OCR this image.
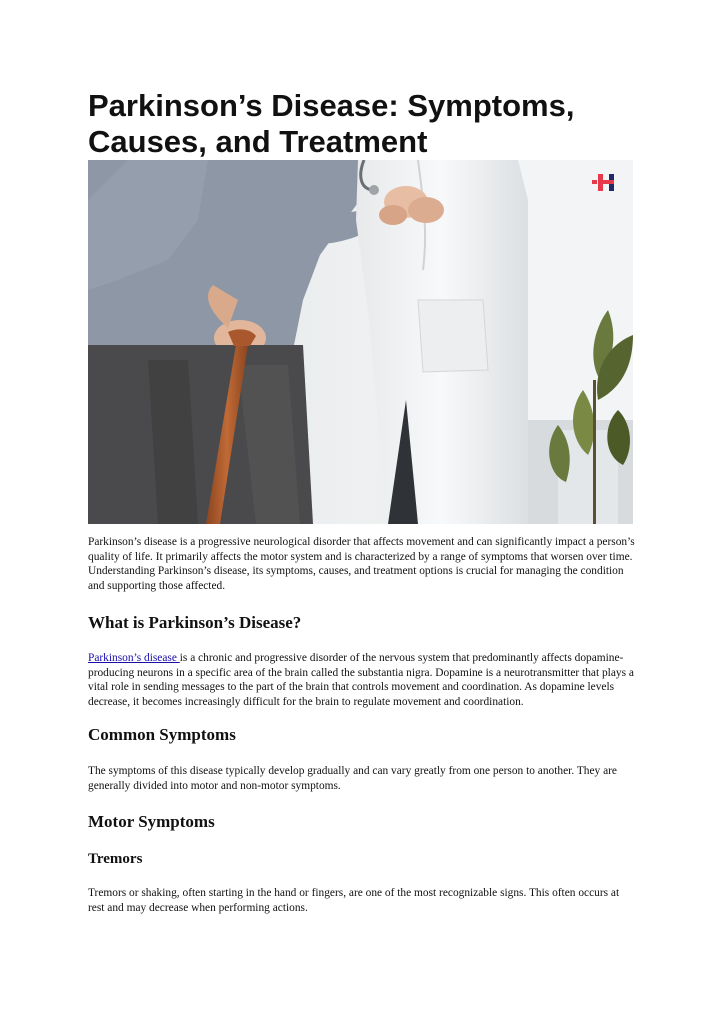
Parkinson’s Disease: Symptoms, Causes, and Treatment

Parkinson’s disease is a progressive neurological disorder that affects movement and can significantly impact a person’s quality of life. It primarily affects the motor system and is characterized by a range of symptoms that worsen over time. Understanding Parkinson’s disease, its symptoms, causes, and treatment options is crucial for managing the condition and supporting those affected.

What is Parkinson’s Disease?

Parkinson’s disease is a chronic and progressive disorder of the nervous system that predominantly affects dopamine-producing neurons in a specific area of the brain called the substantia nigra. Dopamine is a neurotransmitter that plays a vital role in sending messages to the part of the brain that controls movement and coordination. As dopamine levels decrease, it becomes increasingly difficult for the brain to regulate movement and coordination.

Common Symptoms

The symptoms of this disease typically develop gradually and can vary greatly from one person to another. They are generally divided into motor and non-motor symptoms.

Motor Symptoms
Tremors

Tremors or shaking, often starting in the hand or fingers, are one of the most recognizable signs. This often occurs at rest and may decrease when performing actions.
